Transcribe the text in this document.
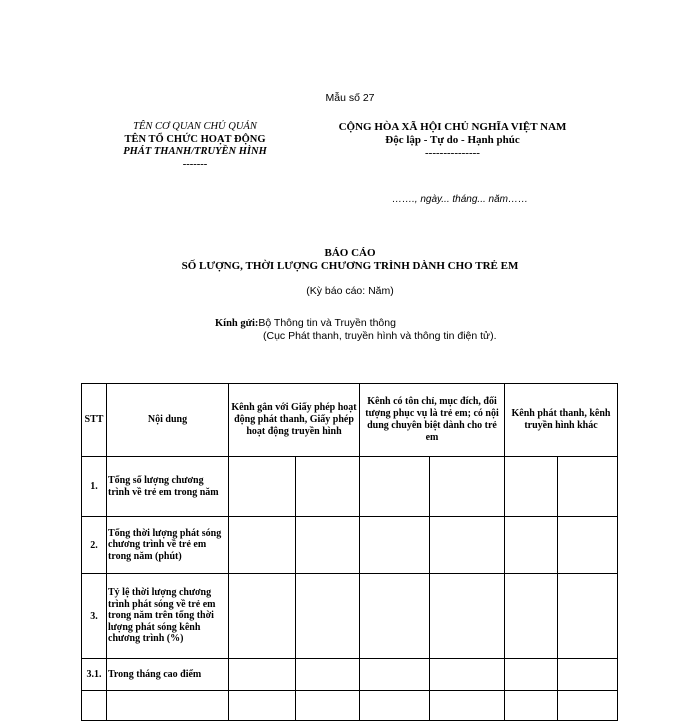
Mẫu số 27
TÊN CƠ QUAN CHỦ QUẢN
TÊN TỔ CHỨC HOẠT ĐỘNG
PHÁT THANH/TRUYỀN HÌNH
-------
CỘNG HÒA XÃ HỘI CHỦ NGHĨA VIỆT NAM
Độc lập - Tự do - Hạnh phúc
---------------
……., ngày... tháng... năm……
BÁO CÁO
SỐ LƯỢNG, THỜI LƯỢNG CHƯƠNG TRÌNH DÀNH CHO TRẺ EM
(Kỳ báo cáo: Năm)
Kính gửi:Bộ Thông tin và Truyền thông
(Cục Phát thanh, truyền hình và thông tin điện tử).
STT	Nội dung	Kênh gắn với Giấy phép hoạt động phát thanh, Giấy phép hoạt động truyền hình		Kênh có tôn chỉ, mục đích, đối tượng phục vụ là trẻ em; có nội dung chuyên biệt dành cho trẻ em		Kênh phát thanh, kênh truyền hình khác	
1.	Tổng số lượng chương trình về trẻ em trong năm						
2.	Tổng thời lượng phát sóng chương trình về trẻ em trong năm (phút)						
3.	Tỷ lệ thời lượng chương trình phát sóng về trẻ em trong năm trên tổng thời lượng phát sóng kênh chương trình (%)						
3.1.	Trong tháng cao điểm						
